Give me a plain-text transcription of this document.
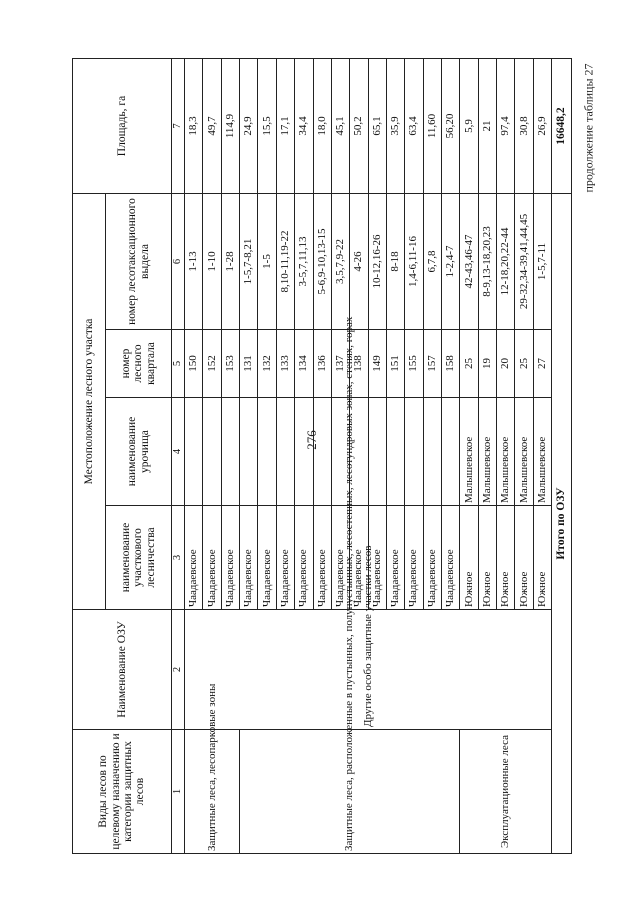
276
продолжение таблицы 27
Виды лесов по целевому назначению и категории защитных лесов	Наименование ОЗУ	Местоположение лесного участка				Площадь, га
		наименование участкового лесничества	наименование урочища	номер лесного квартала	номер лесотаксационного выдела	
1	2	3	4	5	6	7
Защитные леса, лесопарковые зоны	Другие особо защитные участки лесов	Чаадаевское		150	1-13	18,3
		Чаадаевское		152	1-10	49,7
		Чаадаевское		153	1-28	114,9
Защитные леса, расположенные в пустынных, полупустынных, лесостепных, лесотундровых зонах, степях, горах		Чаадаевское		131	1-5,7-8,21	24,9
		Чаадаевское		132	1-5	15,5
		Чаадаевское		133	8,10-11,19-22	17,1
		Чаадаевское		134	3-5,7,11,13	34,4
		Чаадаевское		136	5-6,9-10,13-15	18,0
		Чаадаевское		137	3,5,7,9-22	45,1
		Чаадаевское		138	4-26	50,2
		Чаадаевское		149	10-12,16-26	65,1
		Чаадаевское		151	8-18	35,9
		Чаадаевское		155	1,4-6,11-16	63,4
		Чаадаевское		157	6,7,8	11,60
		Чаадаевское		158	1-2,4-7	56,20
Эксплуатационные леса		Южное	Малышевское	25	42-43,46-47	5,9
		Южное	Малышевское	19	8-9,13-18,20,23	21
		Южное	Малышевское	20	12-18,20,22-44	97,4
		Южное	Малышевское	25	29-32,34-39,41,44,45	30,8
		Южное	Малышевское	27	1-5,7-11	26,9
Итого по ОЗУ						16648,2
